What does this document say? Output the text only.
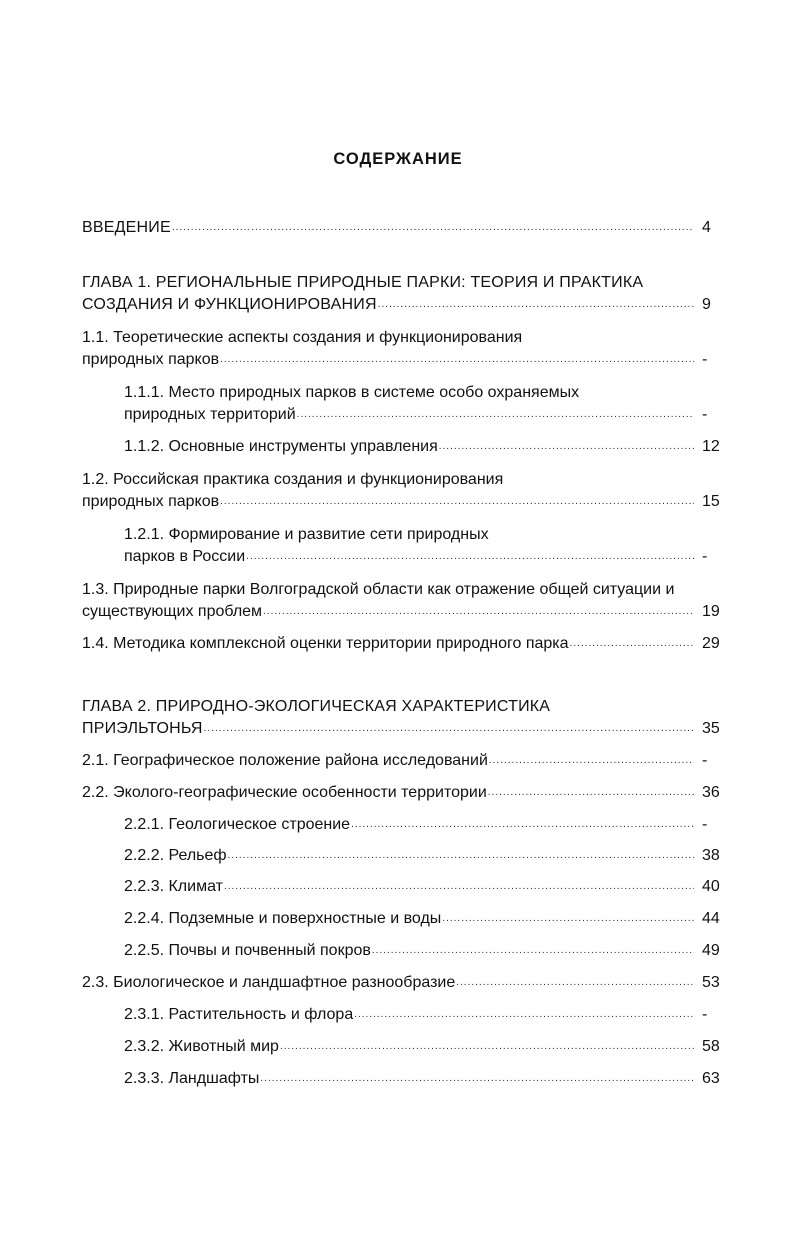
СОДЕРЖАНИЕ
ВВЕДЕНИЕ .....	4
ГЛАВА 1. РЕГИОНАЛЬНЫЕ ПРИРОДНЫЕ ПАРКИ: ТЕОРИЯ И ПРАКТИКА
СОЗДАНИЯ И ФУНКЦИОНИРОВАНИЯ .....	9
1.1. Теоретические аспекты создания и функционирования
природных парков .....	-
1.1.1. Место природных парков в системе особо охраняемых
природных территорий .....	-
1.1.2. Основные инструменты управления .....	12
1.2. Российская практика создания и функционирования
природных парков .....	15
1.2.1. Формирование и развитие сети природных
парков в России .....	-
1.3. Природные парки Волгоградской области как отражение общей ситуации и
существующих проблем .....	19
1.4. Методика комплексной оценки территории природного парка .....	29
ГЛАВА 2. ПРИРОДНО-ЭКОЛОГИЧЕСКАЯ ХАРАКТЕРИСТИКА
ПРИЭЛЬТОНЬЯ .....	35
2.1. Географическое положение района исследований .....	-
2.2. Эколого-географические особенности территории .....	36
2.2.1. Геологическое строение .....	-
2.2.2. Рельеф .....	38
2.2.3. Климат .....	40
2.2.4. Подземные и поверхностные и воды .....	44
2.2.5. Почвы и почвенный покров .....	49
2.3. Биологическое и ландшафтное разнообразие .....	53
2.3.1. Растительность и флора .....	-
2.3.2. Животный мир .....	58
2.3.3. Ландшафты .....	63
